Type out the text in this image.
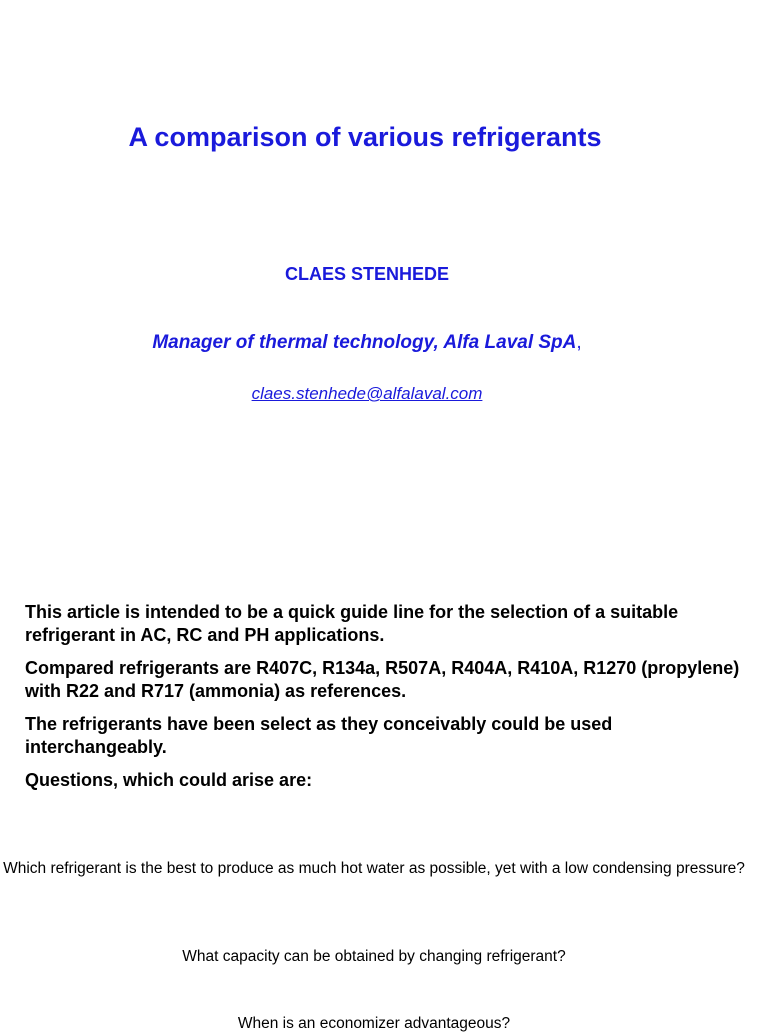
A comparison of various refrigerants
CLAES STENHEDE
Manager of thermal technology, Alfa Laval SpA,
claes.stenhede@alfalaval.com

This article is intended to be a quick guide line for the selection of a suitable refrigerant in AC, RC and PH applications.

Compared refrigerants are R407C, R134a, R507A, R404A, R410A, R1270 (propylene) with R22 and R717 (ammonia) as references.

The refrigerants have been select as they conceivably could be used interchangeably.

Questions, which could arise are:

Which refrigerant is the best to produce as much hot water as possible, yet with a low condensing pressure?
What capacity can be obtained by changing refrigerant?
When is an economizer advantageous?
